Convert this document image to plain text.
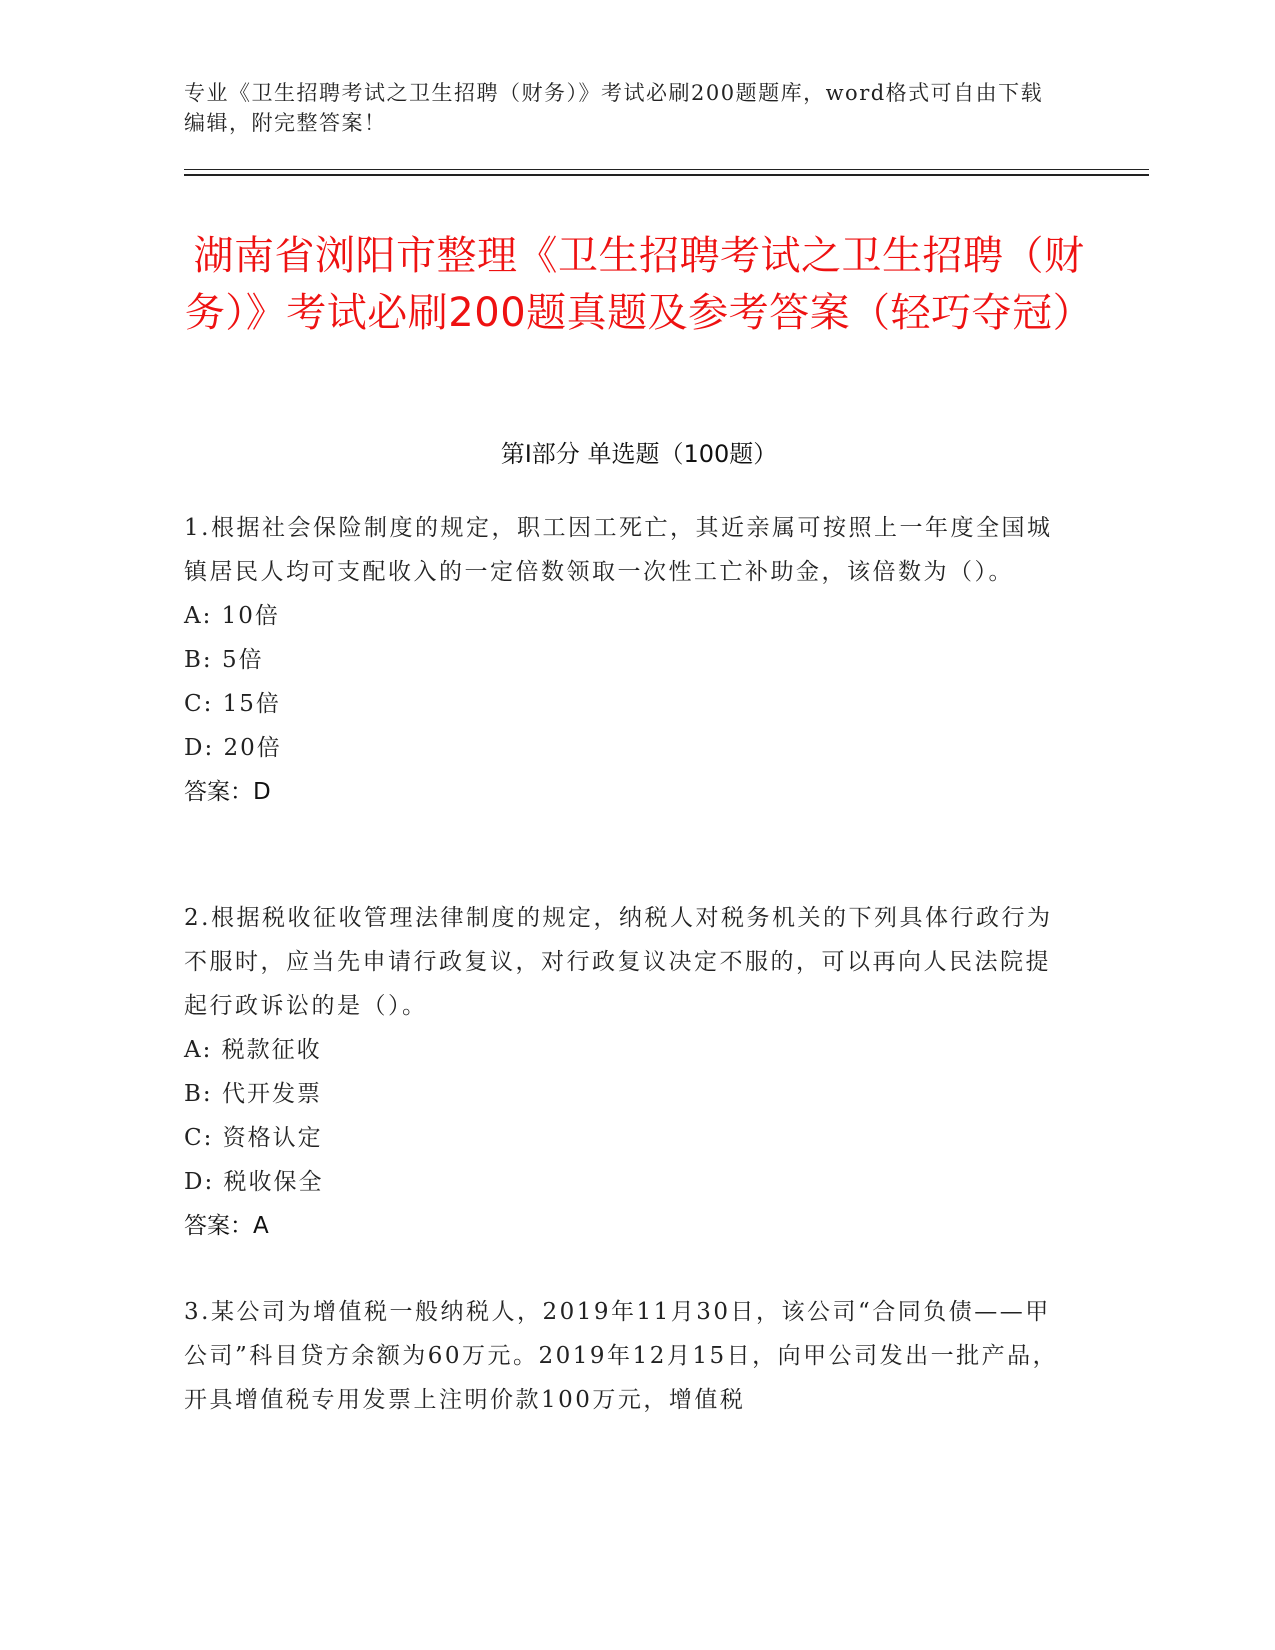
专业《卫生招聘考试之卫生招聘（财务）》考试必刷200题题库，word格式可自由下载编辑，附完整答案！
湖南省浏阳市整理《卫生招聘考试之卫生招聘（财务）》考试必刷200题真题及参考答案（轻巧夺冠）
第I部分 单选题（100题）

1.根据社会保险制度的规定，职工因工死亡，其近亲属可按照上一年度全国城镇居民人均可支配收入的一定倍数领取一次性工亡补助金，该倍数为（）。

A: 10倍

B: 5倍

C: 15倍

D: 20倍

答案：D

2.根据税收征收管理法律制度的规定，纳税人对税务机关的下列具体行政行为不服时，应当先申请行政复议，对行政复议决定不服的，可以再向人民法院提起行政诉讼的是（）。

A: 税款征收

B: 代开发票

C: 资格认定

D: 税收保全

答案：A

3.某公司为增值税一般纳税人，2019年11月30日，该公司“合同负债——甲公司”科目贷方余额为60万元。2019年12月15日，向甲公司发出一批产品，开具增值税专用发票上注明价款100万元，增值税
